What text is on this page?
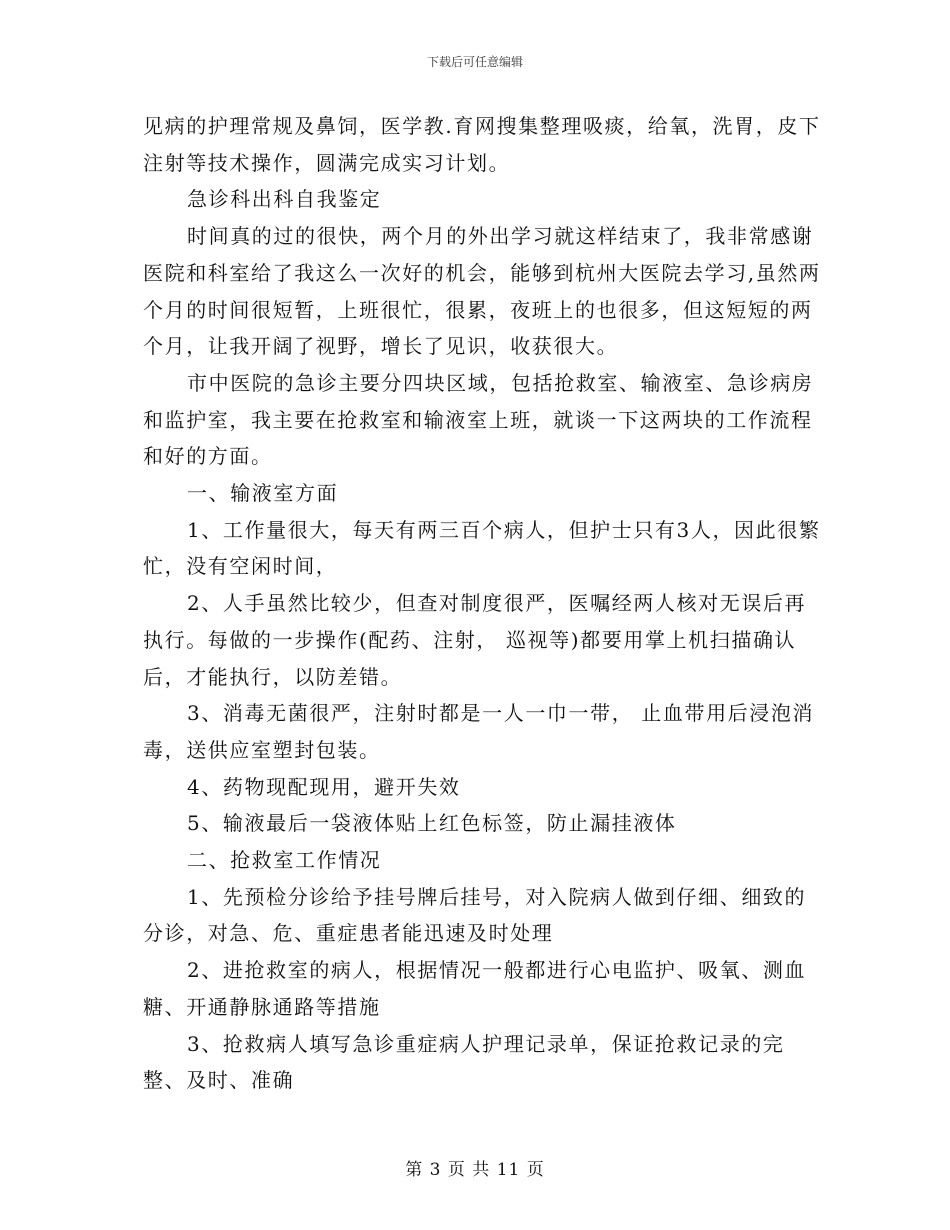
下载后可任意编辑

见病的护理常规及鼻饲，医学教.育网搜集整理吸痰，给氧，洗胃，皮下注射等技术操作，圆满完成实习计划。

急诊科出科自我鉴定

时间真的过的很快，两个月的外出学习就这样结束了，我非常感谢医院和科室给了我这么一次好的机会，能够到杭州大医院去学习,虽然两个月的时间很短暂，上班很忙，很累，夜班上的也很多，但这短短的两个月，让我开阔了视野，增长了见识，收获很大。

市中医院的急诊主要分四块区域，包括抢救室、输液室、急诊病房和监护室，我主要在抢救室和输液室上班，就谈一下这两块的工作流程和好的方面。

一、输液室方面

1、工作量很大，每天有两三百个病人，但护士只有3人，因此很繁忙，没有空闲时间，

2、人手虽然比较少，但查对制度很严，医嘱经两人核对无误后再执行。每做的一步操作(配药、注射， 巡视等)都要用掌上机扫描确认后，才能执行，以防差错。

3、消毒无菌很严，注射时都是一人一巾一带， 止血带用后浸泡消毒，送供应室塑封包装。

4、药物现配现用，避开失效

5、输液最后一袋液体贴上红色标签，防止漏挂液体

二、抢救室工作情况

1、先预检分诊给予挂号牌后挂号，对入院病人做到仔细、细致的分诊，对急、危、重症患者能迅速及时处理

2、进抢救室的病人，根据情况一般都进行心电监护、吸氧、测血糖、开通静脉通路等措施

3、抢救病人填写急诊重症病人护理记录单，保证抢救记录的完整、及时、准确

第 3 页 共 11 页
